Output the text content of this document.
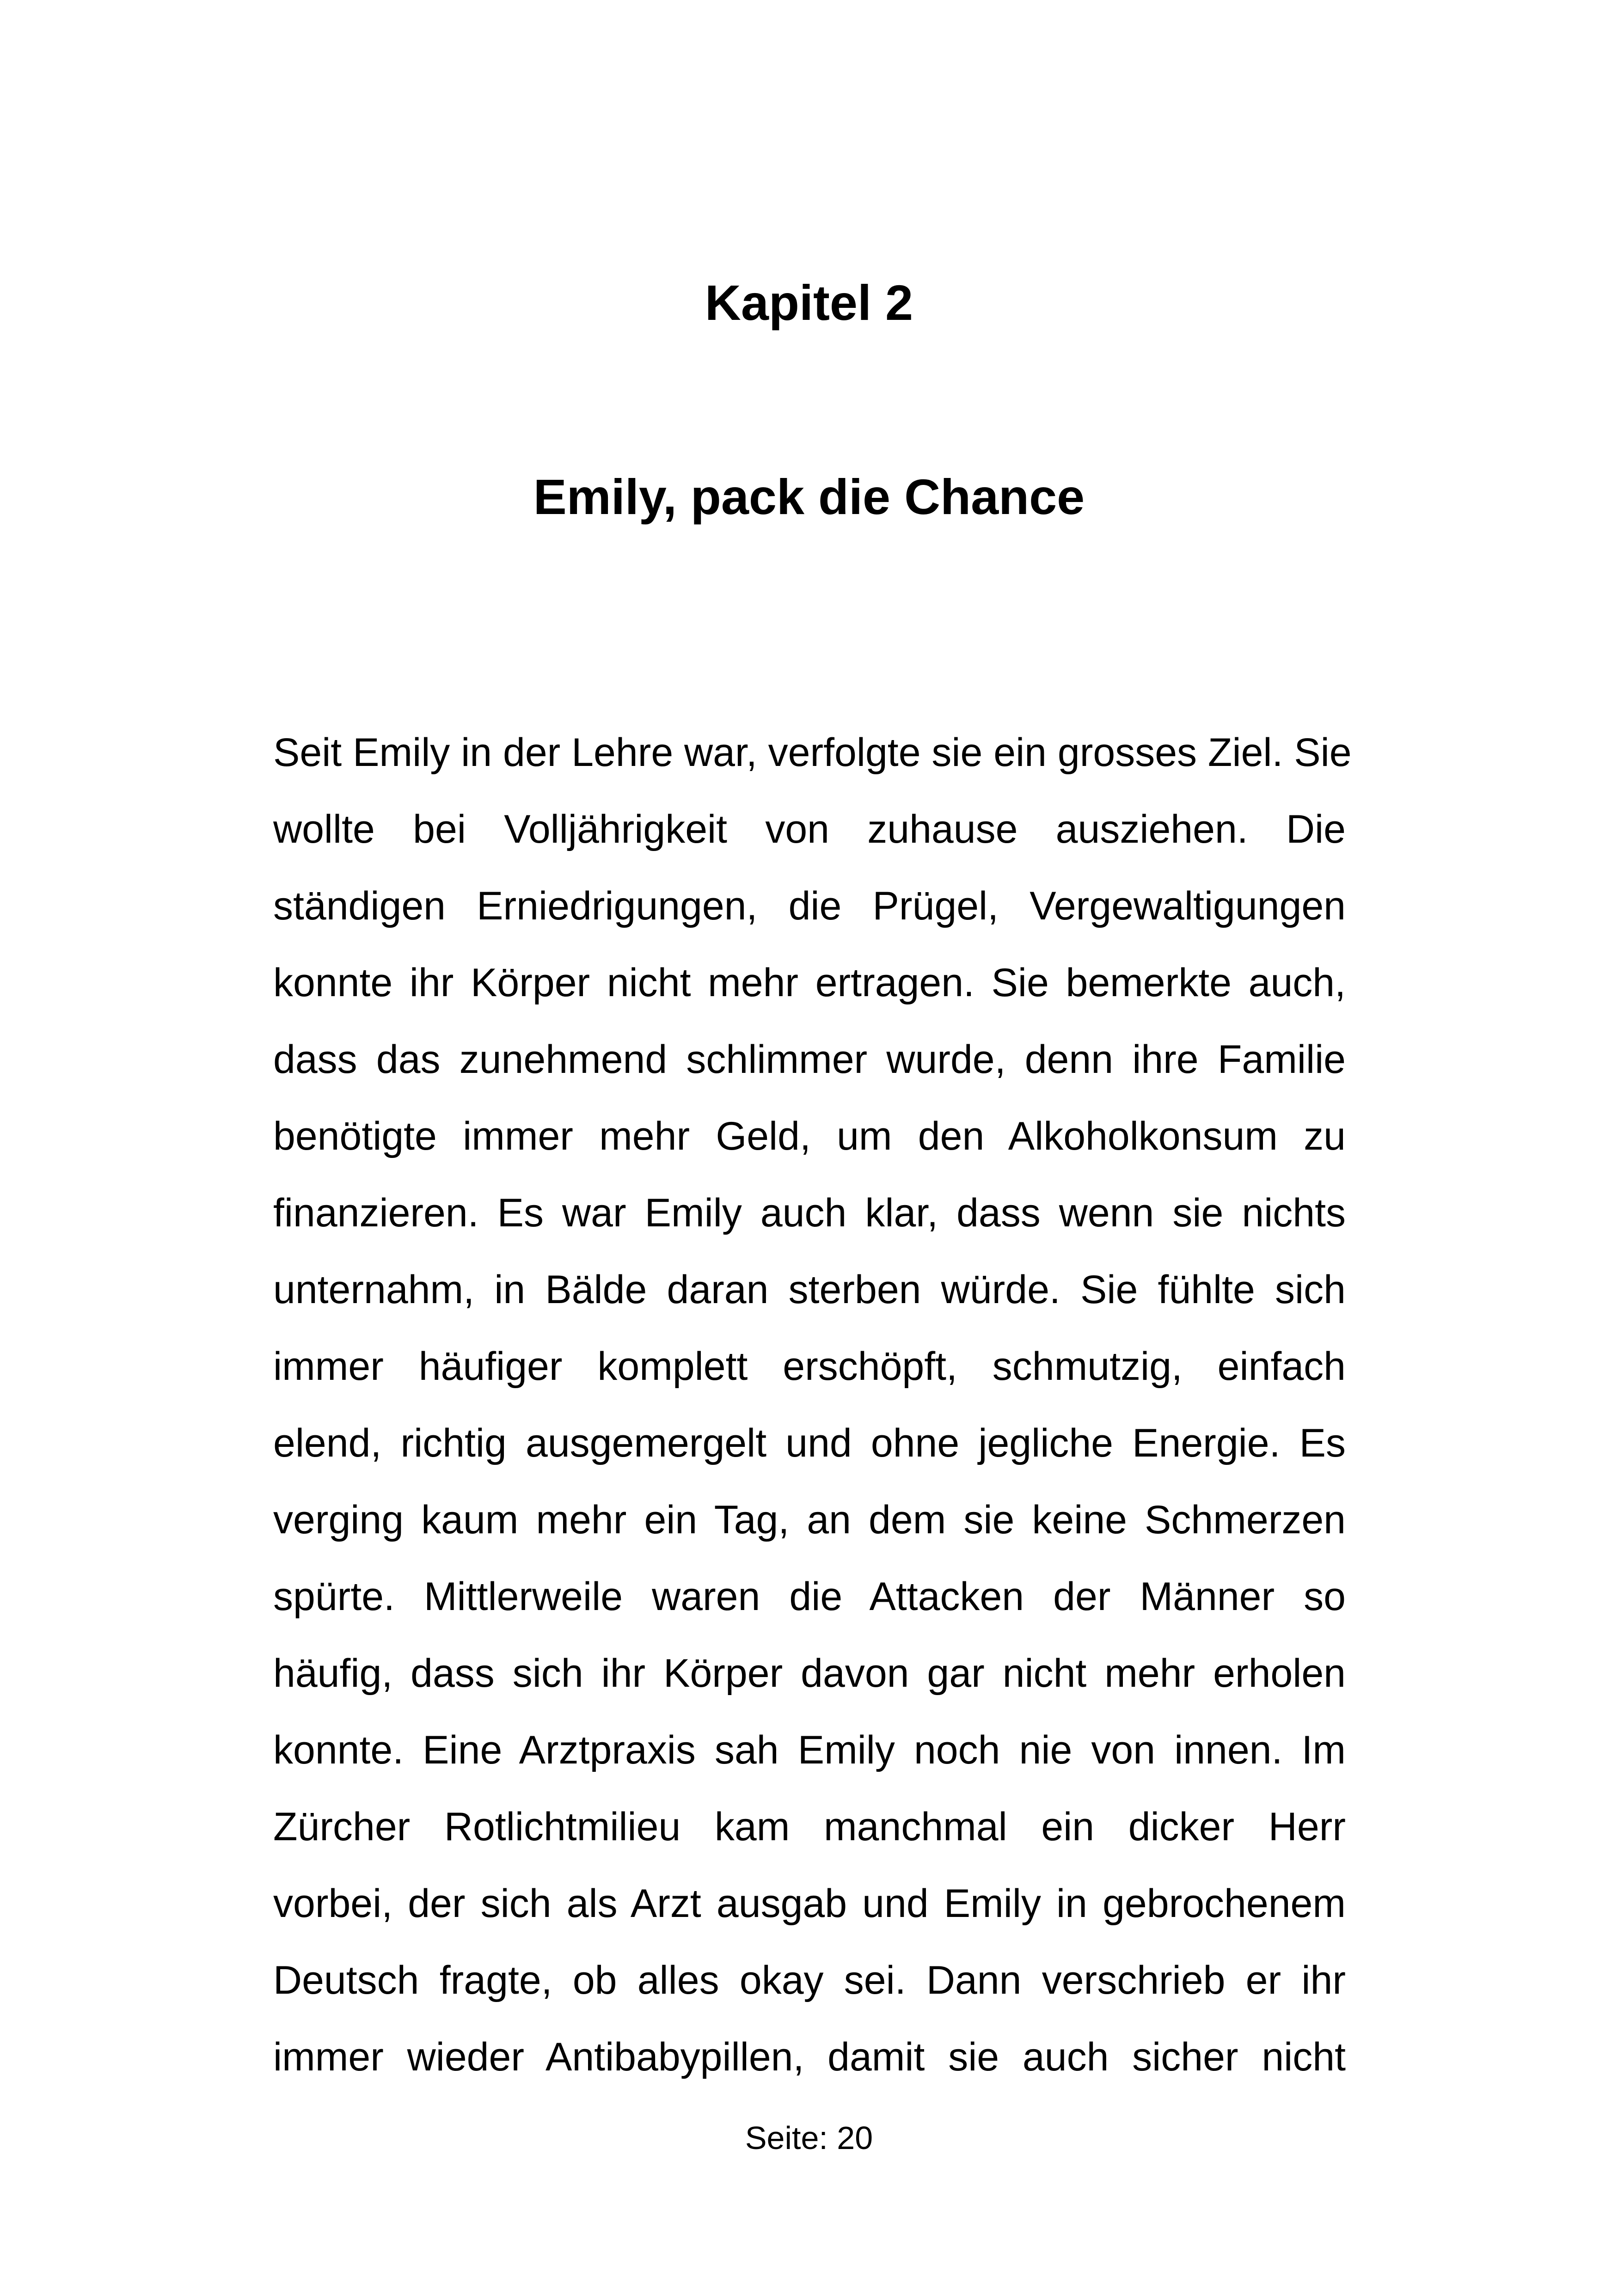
Kapitel 2
Emily, pack die Chance
Seit Emily in der Lehre war, verfolgte sie ein grosses Ziel. Sie
wollte bei Volljährigkeit von zuhause ausziehen. Die
ständigen Erniedrigungen, die Prügel, Vergewaltigungen
konnte ihr Körper nicht mehr ertragen. Sie bemerkte auch,
dass das zunehmend schlimmer wurde, denn ihre Familie
benötigte immer mehr Geld, um den Alkoholkonsum zu
finanzieren. Es war Emily auch klar, dass wenn sie nichts
unternahm, in Bälde daran sterben würde. Sie fühlte sich
immer häufiger komplett erschöpft, schmutzig, einfach
elend, richtig ausgemergelt und ohne jegliche Energie. Es
verging kaum mehr ein Tag, an dem sie keine Schmerzen
spürte. Mittlerweile waren die Attacken der Männer so
häufig, dass sich ihr Körper davon gar nicht mehr erholen
konnte. Eine Arztpraxis sah Emily noch nie von innen. Im
Zürcher Rotlichtmilieu kam manchmal ein dicker Herr
vorbei, der sich als Arzt ausgab und Emily in gebrochenem
Deutsch fragte, ob alles okay sei. Dann verschrieb er ihr
immer wieder Antibabypillen, damit sie auch sicher nicht
Seite: 20
